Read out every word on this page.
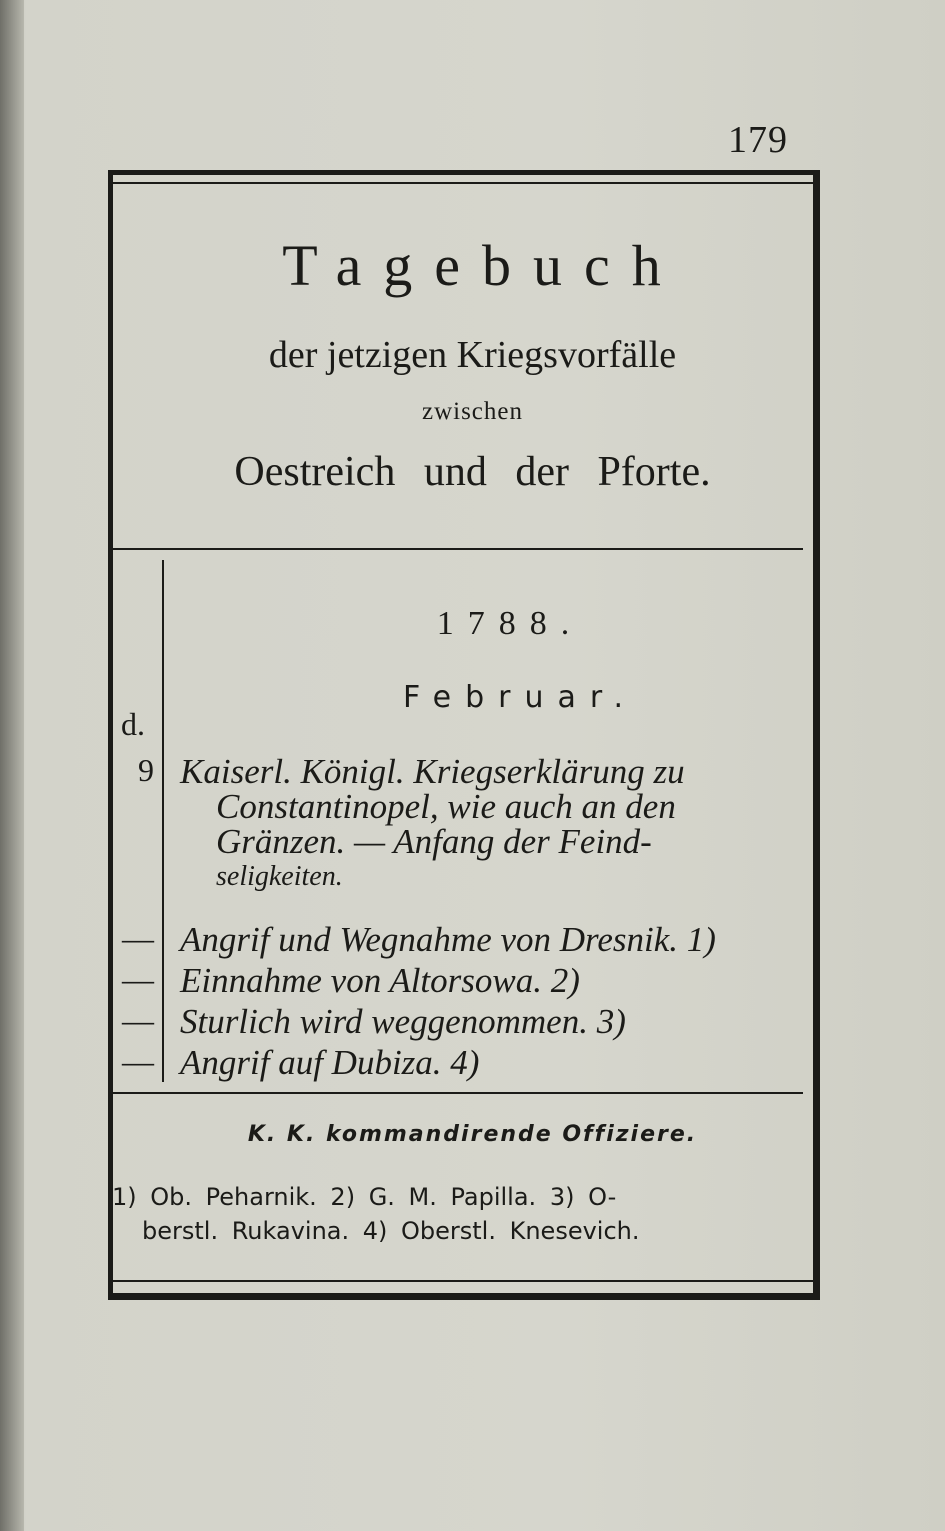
179
Tagebuch
der jetzigen Kriegsvorfälle
zwischen
Oestreich und der Pforte.
1788.
Februar.
d.
9 Kaiserl. Königl. Kriegserklärung zu
Constantinopel, wie auch an den
Gränzen. — Anfang der Feind-
seligkeiten.
— Angrif und Wegnahme von Dresnik. 1)
— Einnahme von Altorsowa. 2)
— Sturlich wird weggenommen. 3)
— Angrif auf Dubiza. 4)
K. K. kommandirende Offiziere.
1) Ob. Peharnik. 2) G. M. Papilla. 3) O-
berstl. Rukavina. 4) Oberstl. Knesevich.
